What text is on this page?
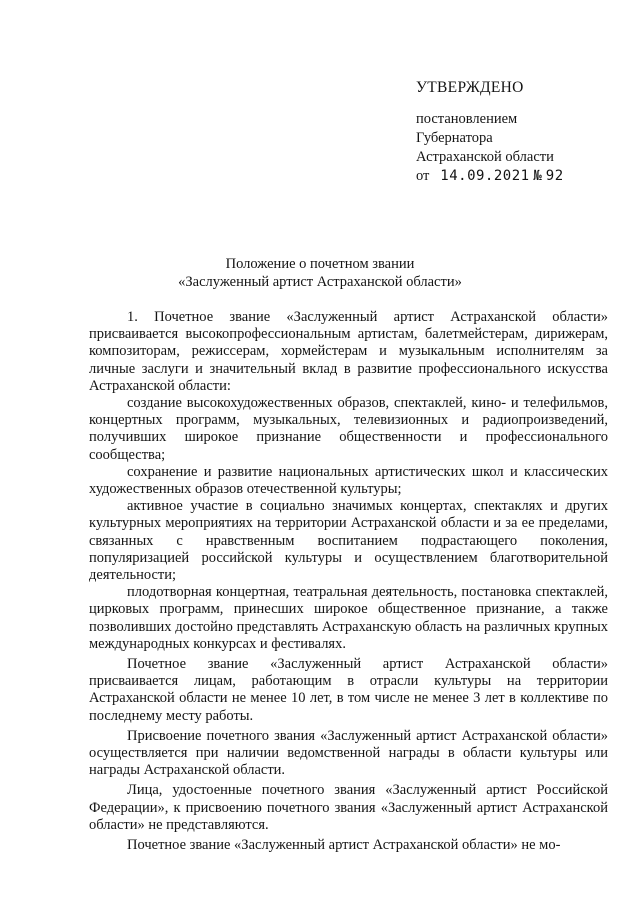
УТВЕРЖДЕНО
постановлением
Губернатора
Астраханской области
от 14.09.2021 № 92
Положение о почетном звании
«Заслуженный артист Астраханской области»

1. Почетное звание «Заслуженный артист Астраханской области» присваивается высокопрофессиональным артистам, балетмейстерам, дирижерам, композиторам, режиссерам, хормейстерам и музыкальным исполнителям за личные заслуги и значительный вклад в развитие профессионального искусства Астраханской области:

создание высокохудожественных образов, спектаклей, кино- и телефильмов, концертных программ, музыкальных, телевизионных и радиопроизведений, получивших широкое признание общественности и профессионального сообщества;

сохранение и развитие национальных артистических школ и классических художественных образов отечественной культуры;

активное участие в социально значимых концертах, спектаклях и других культурных мероприятиях на территории Астраханской области и за ее пределами, связанных с нравственным воспитанием подрастающего поколения, популяризацией российской культуры и осуществлением благотворительной деятельности;

плодотворная концертная, театральная деятельность, постановка спектаклей, цирковых программ, принесших широкое общественное признание, а также позволивших достойно представлять Астраханскую область на различных крупных международных конкурсах и фестивалях.

Почетное звание «Заслуженный артист Астраханской области» присваивается лицам, работающим в отрасли культуры на территории Астраханской области не менее 10 лет, в том числе не менее 3 лет в коллективе по последнему месту работы.

Присвоение почетного звания «Заслуженный артист Астраханской области» осуществляется при наличии ведомственной награды в области культуры или награды Астраханской области.

Лица, удостоенные почетного звания «Заслуженный артист Российской Федерации», к присвоению почетного звания «Заслуженный артист Астраханской области» не представляются.

Почетное звание «Заслуженный артист Астраханской области» не мо-
